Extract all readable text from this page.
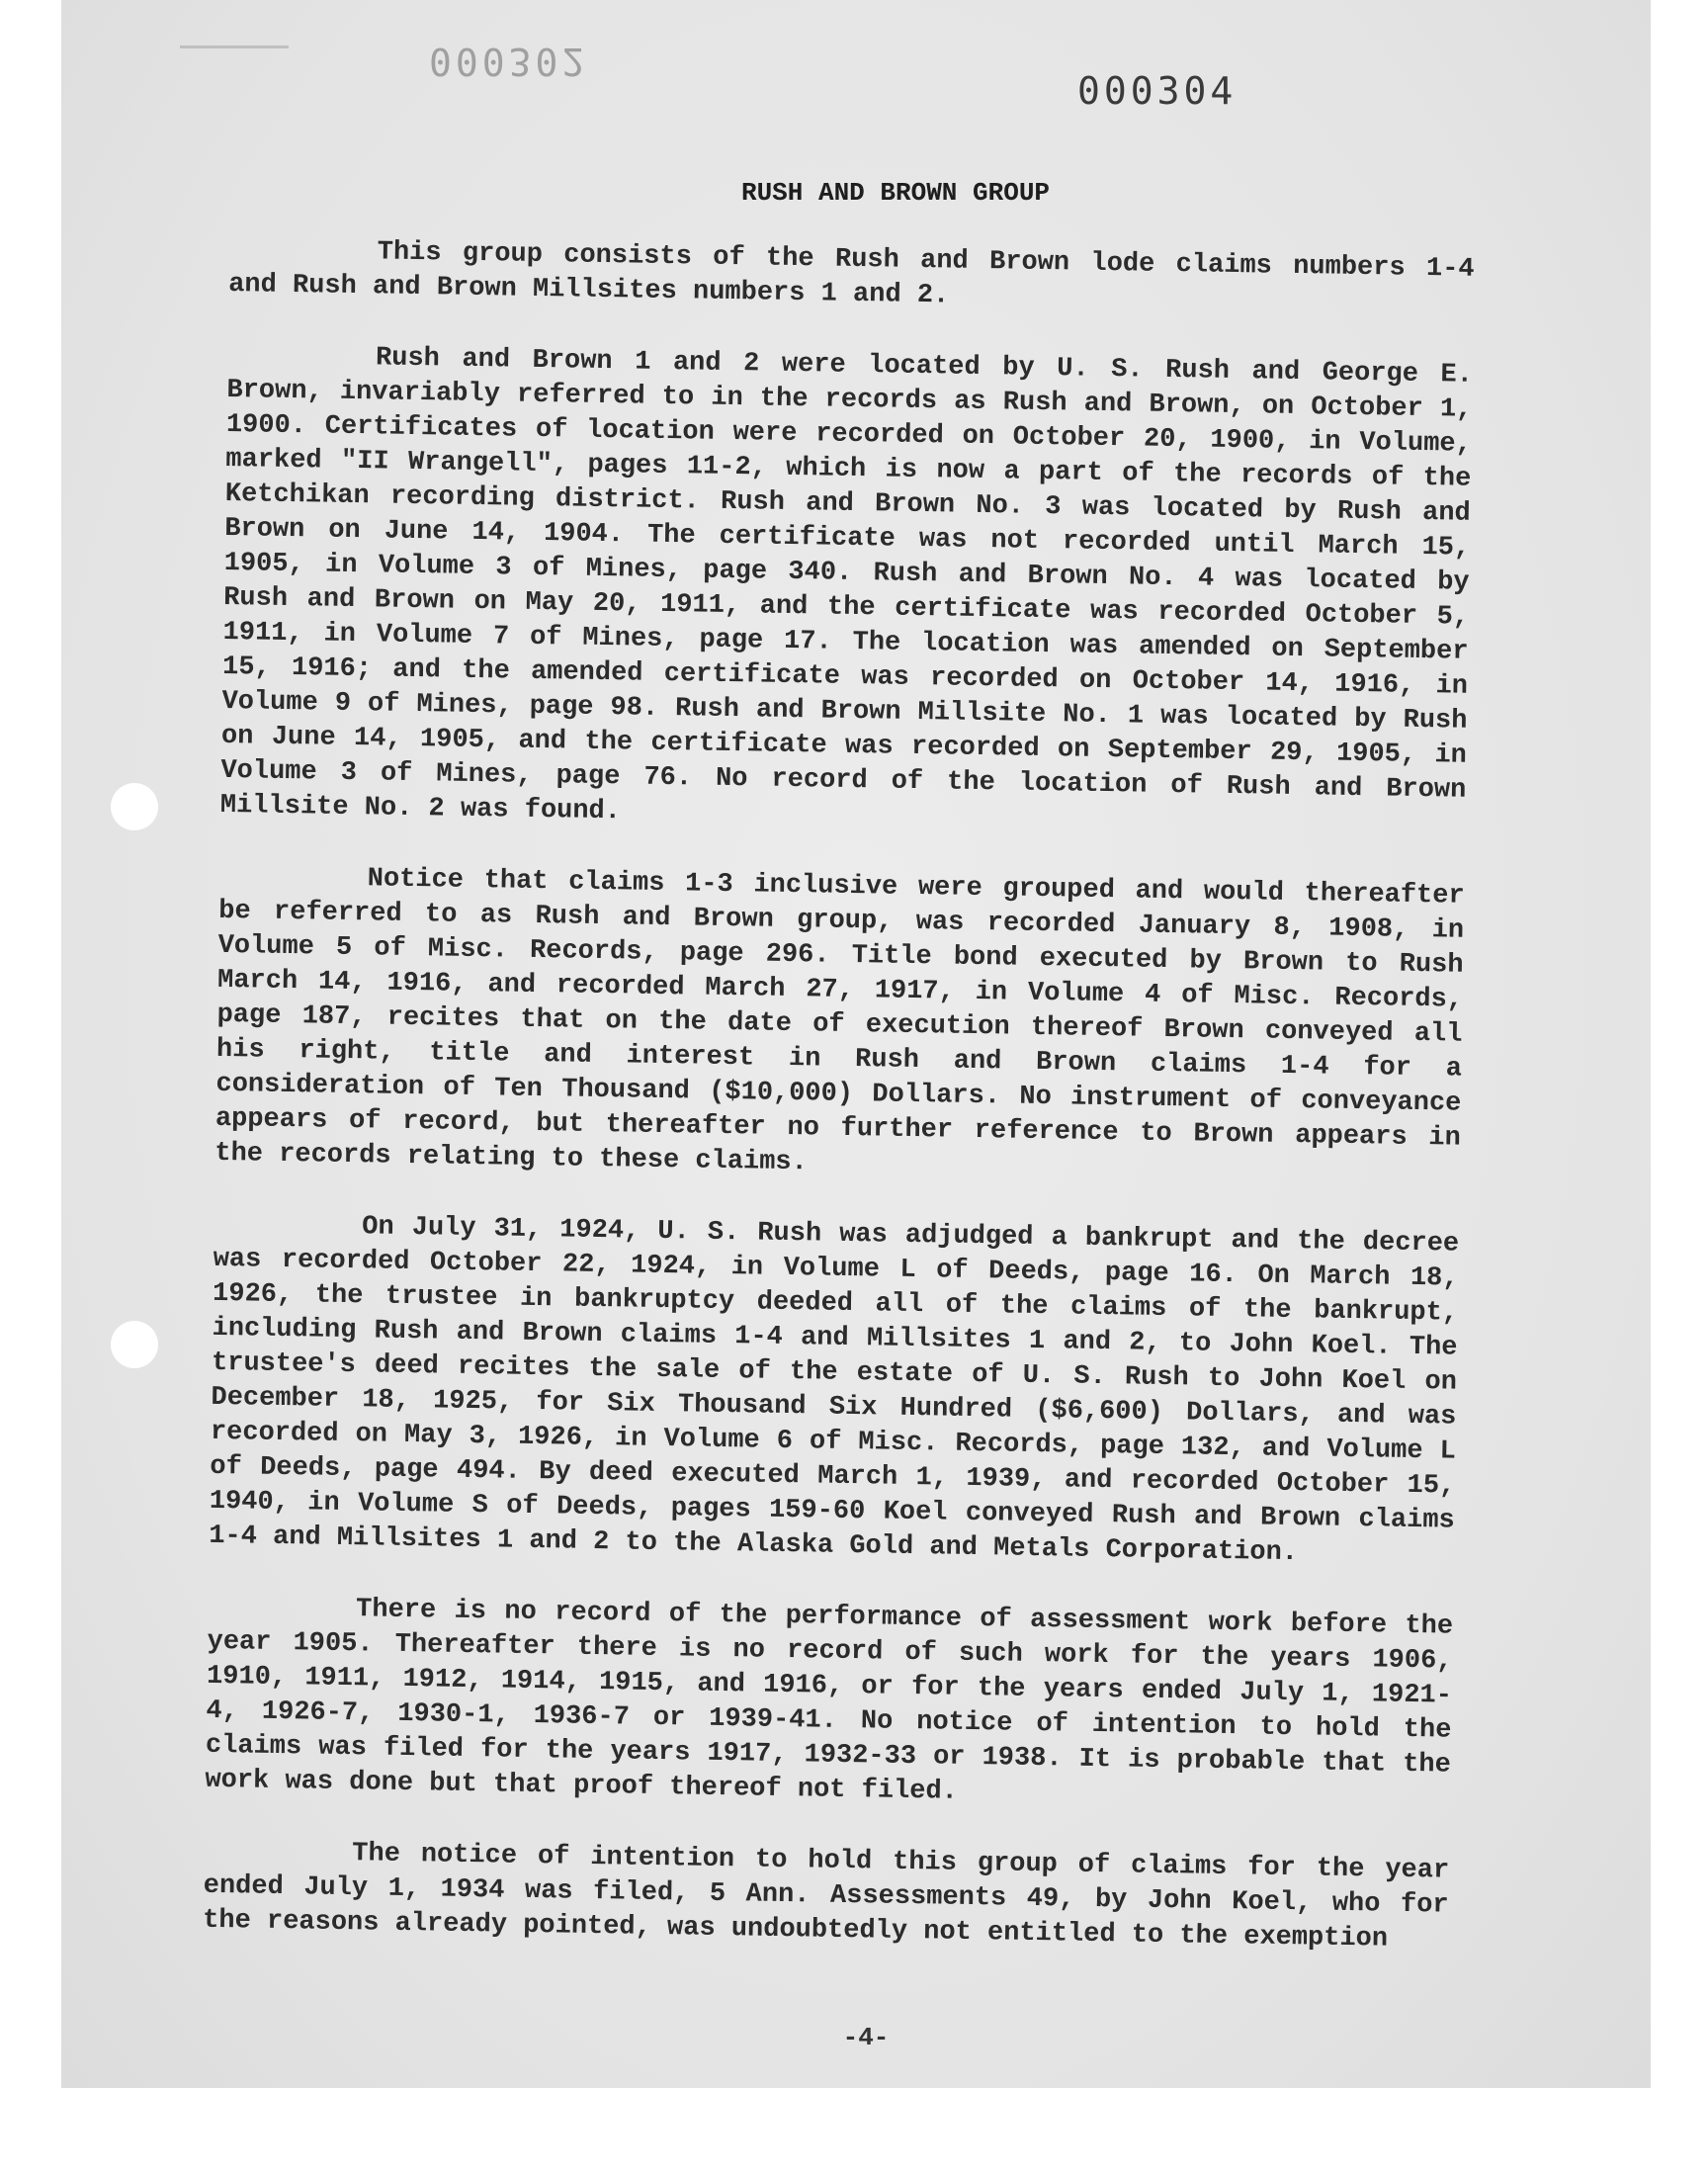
000302
000304
RUSH AND BROWN GROUP

This group consists of the Rush and Brown lode claims numbers 1-4 and Rush and Brown Millsites numbers 1 and 2.

Rush and Brown 1 and 2 were located by U. S. Rush and George E. Brown, invariably referred to in the records as Rush and Brown, on October 1, 1900. Certificates of location were recorded on October 20, 1900, in Volume, marked "II Wrangell", pages 11-2, which is now a part of the records of the Ketchikan recording district. Rush and Brown No. 3 was located by Rush and Brown on June 14, 1904. The certificate was not recorded until March 15, 1905, in Volume 3 of Mines, page 340. Rush and Brown No. 4 was located by Rush and Brown on May 20, 1911, and the certificate was recorded October 5, 1911, in Volume 7 of Mines, page 17. The location was amended on September 15, 1916; and the amended certificate was recorded on October 14, 1916, in Volume 9 of Mines, page 98. Rush and Brown Millsite No. 1 was located by Rush on June 14, 1905, and the certificate was recorded on September 29, 1905, in Volume 3 of Mines, page 76. No record of the location of Rush and Brown Millsite No. 2 was found.

Notice that claims 1-3 inclusive were grouped and would thereafter be referred to as Rush and Brown group, was recorded January 8, 1908, in Volume 5 of Misc. Records, page 296. Title bond executed by Brown to Rush March 14, 1916, and recorded March 27, 1917, in Volume 4 of Misc. Records, page 187, recites that on the date of execution thereof Brown conveyed all his right, title and interest in Rush and Brown claims 1-4 for a consideration of Ten Thousand ($10,000) Dollars. No instrument of conveyance appears of record, but thereafter no further reference to Brown appears in the records relating to these claims.

On July 31, 1924, U. S. Rush was adjudged a bankrupt and the decree was recorded October 22, 1924, in Volume L of Deeds, page 16. On March 18, 1926, the trustee in bankruptcy deeded all of the claims of the bankrupt, including Rush and Brown claims 1-4 and Millsites 1 and 2, to John Koel. The trustee's deed recites the sale of the estate of U. S. Rush to John Koel on December 18, 1925, for Six Thousand Six Hundred ($6,600) Dollars, and was recorded on May 3, 1926, in Volume 6 of Misc. Records, page 132, and Volume L of Deeds, page 494. By deed executed March 1, 1939, and recorded October 15, 1940, in Volume S of Deeds, pages 159-60 Koel conveyed Rush and Brown claims 1-4 and Millsites 1 and 2 to the Alaska Gold and Metals Corporation.

There is no record of the performance of assessment work before the year 1905. Thereafter there is no record of such work for the years 1906, 1910, 1911, 1912, 1914, 1915, and 1916, or for the years ended July 1, 1921-4, 1926-7, 1930-1, 1936-7 or 1939-41. No notice of intention to hold the claims was filed for the years 1917, 1932-33 or 1938. It is probable that the work was done but that proof thereof not filed.

The notice of intention to hold this group of claims for the year ended July 1, 1934 was filed, 5 Ann. Assessments 49, by John Koel, who for the reasons already pointed, was undoubtedly not entitled to the exemption

-4-
